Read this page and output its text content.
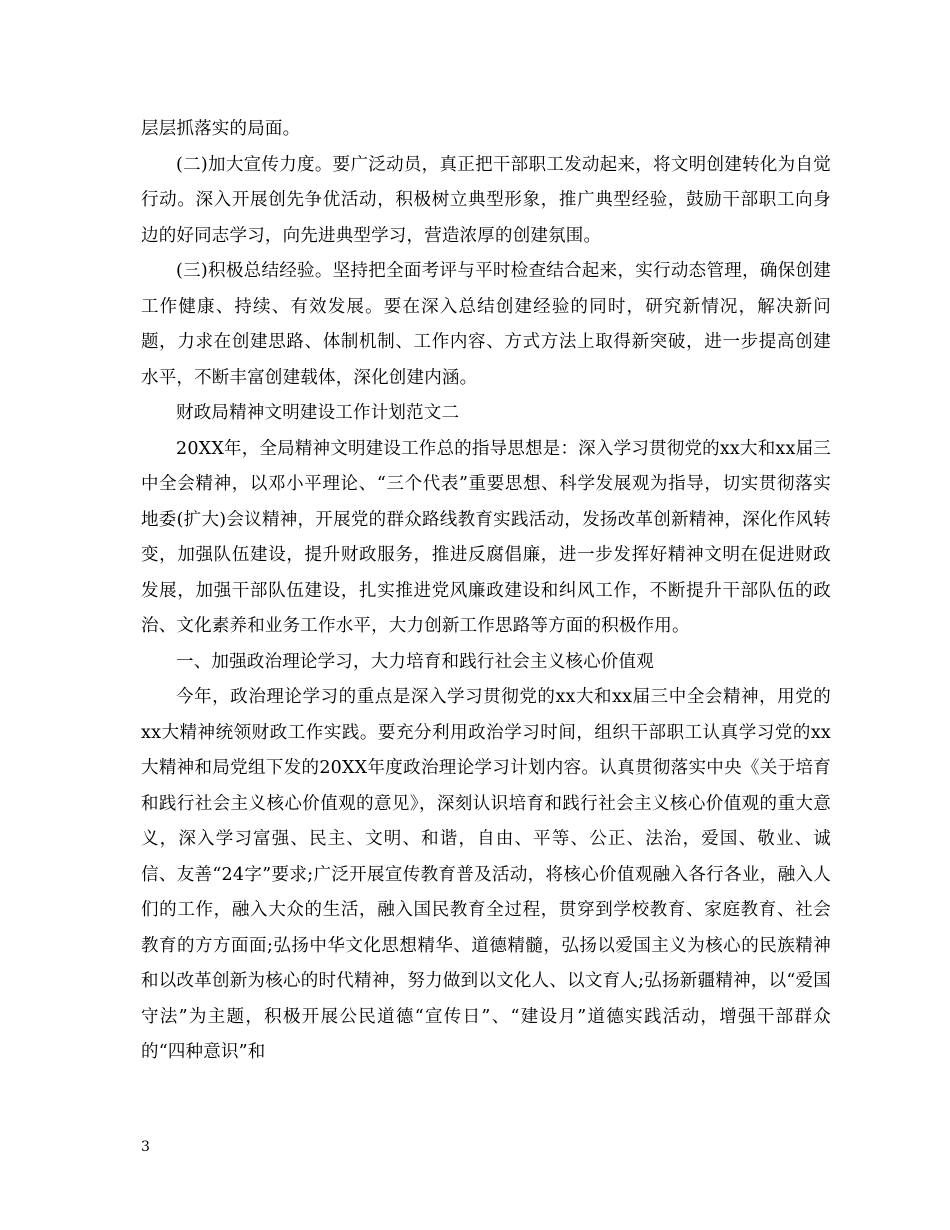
层层抓落实的局面。

(二)加大宣传力度。要广泛动员，真正把干部职工发动起来，将文明创建转化为自觉行动。深入开展创先争优活动，积极树立典型形象，推广典型经验，鼓励干部职工向身边的好同志学习，向先进典型学习，营造浓厚的创建氛围。

(三)积极总结经验。坚持把全面考评与平时检查结合起来，实行动态管理，确保创建工作健康、持续、有效发展。要在深入总结创建经验的同时，研究新情况，解决新问题，力求在创建思路、体制机制、工作内容、方式方法上取得新突破，进一步提高创建水平，不断丰富创建载体，深化创建内涵。

财政局精神文明建设工作计划范文二

20XX年，全局精神文明建设工作总的指导思想是：深入学习贯彻党的xx大和xx届三中全会精神，以邓小平理论、“三个代表”重要思想、科学发展观为指导，切实贯彻落实地委(扩大)会议精神，开展党的群众路线教育实践活动，发扬改革创新精神，深化作风转变，加强队伍建设，提升财政服务，推进反腐倡廉，进一步发挥好精神文明在促进财政发展，加强干部队伍建设，扎实推进党风廉政建设和纠风工作，不断提升干部队伍的政治、文化素养和业务工作水平，大力创新工作思路等方面的积极作用。

一、加强政治理论学习，大力培育和践行社会主义核心价值观

今年，政治理论学习的重点是深入学习贯彻党的xx大和xx届三中全会精神，用党的xx大精神统领财政工作实践。要充分利用政治学习时间，组织干部职工认真学习党的xx大精神和局党组下发的20XX年度政治理论学习计划内容。认真贯彻落实中央《关于培育和践行社会主义核心价值观的意见》，深刻认识培育和践行社会主义核心价值观的重大意义，深入学习富强、民主、文明、和谐，自由、平等、公正、法治，爱国、敬业、诚信、友善“24字”要求;广泛开展宣传教育普及活动，将核心价值观融入各行各业，融入人们的工作，融入大众的生活，融入国民教育全过程，贯穿到学校教育、家庭教育、社会教育的方方面面;弘扬中华文化思想精华、道德精髓，弘扬以爱国主义为核心的民族精神和以改革创新为核心的时代精神，努力做到以文化人、以文育人;弘扬新疆精神，以“爱国守法”为主题，积极开展公民道德“宣传日”、“建设月”道德实践活动，增强干部群众的“四种意识”和

3
